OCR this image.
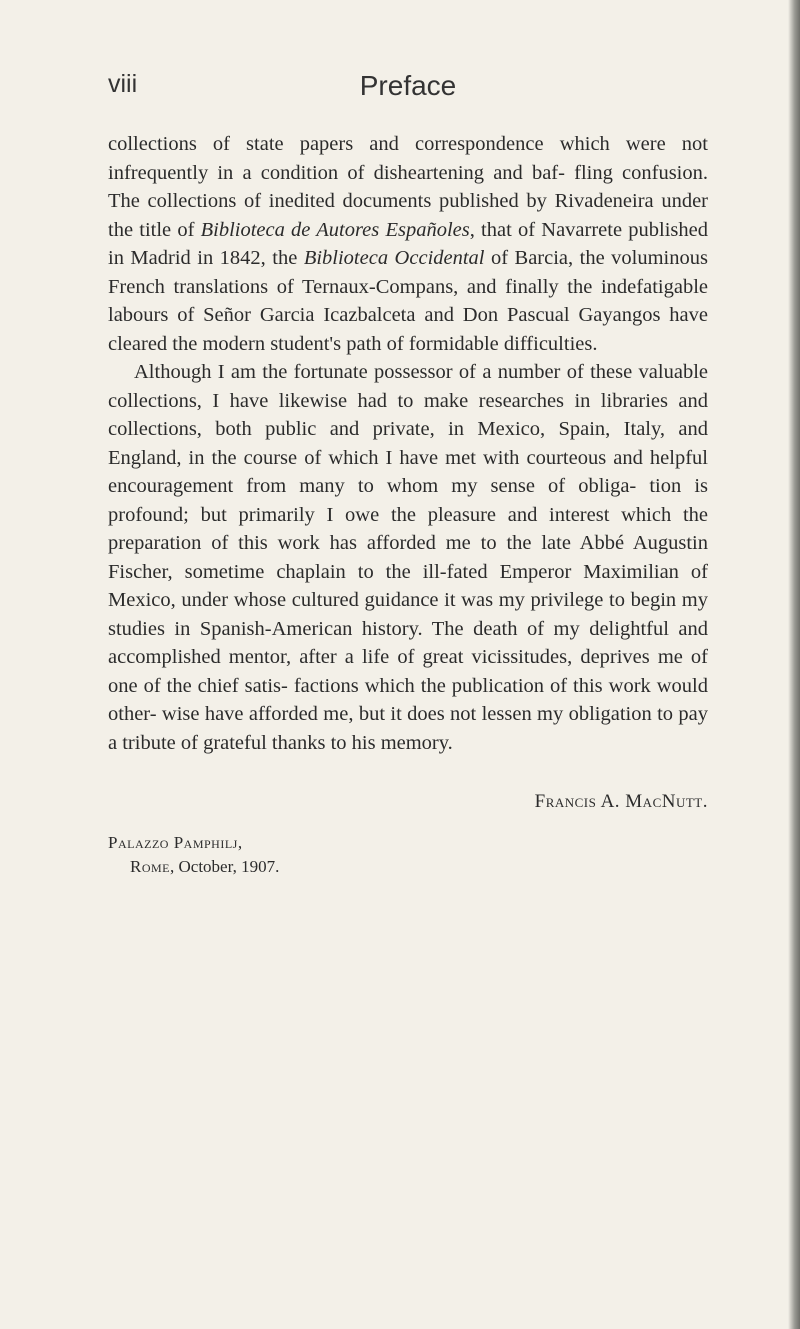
viii	Preface

collections of state papers and correspondence which were not infrequently in a condition of disheartening and baf- fling confusion. The collections of inedited documents published by Rivadeneira under the title of Biblioteca de Autores Españoles, that of Navarrete published in Madrid in 1842, the Biblioteca Occidental of Barcia, the voluminous French translations of Ternaux-Compans, and finally the indefatigable labours of Señor Garcia Icazbalceta and Don Pascual Gayangos have cleared the modern student's path of formidable difficulties.

Although I am the fortunate possessor of a number of these valuable collections, I have likewise had to make researches in libraries and collections, both public and private, in Mexico, Spain, Italy, and England, in the course of which I have met with courteous and helpful encouragement from many to whom my sense of obliga- tion is profound; but primarily I owe the pleasure and interest which the preparation of this work has afforded me to the late Abbé Augustin Fischer, sometime chaplain to the ill-fated Emperor Maximilian of Mexico, under whose cultured guidance it was my privilege to begin my studies in Spanish-American history. The death of my delightful and accomplished mentor, after a life of great vicissitudes, deprives me of one of the chief satis- factions which the publication of this work would other- wise have afforded me, but it does not lessen my obligation to pay a tribute of grateful thanks to his memory.

Francis A. MacNutt.
Palazzo Pamphilj,
Rome, October, 1907.
